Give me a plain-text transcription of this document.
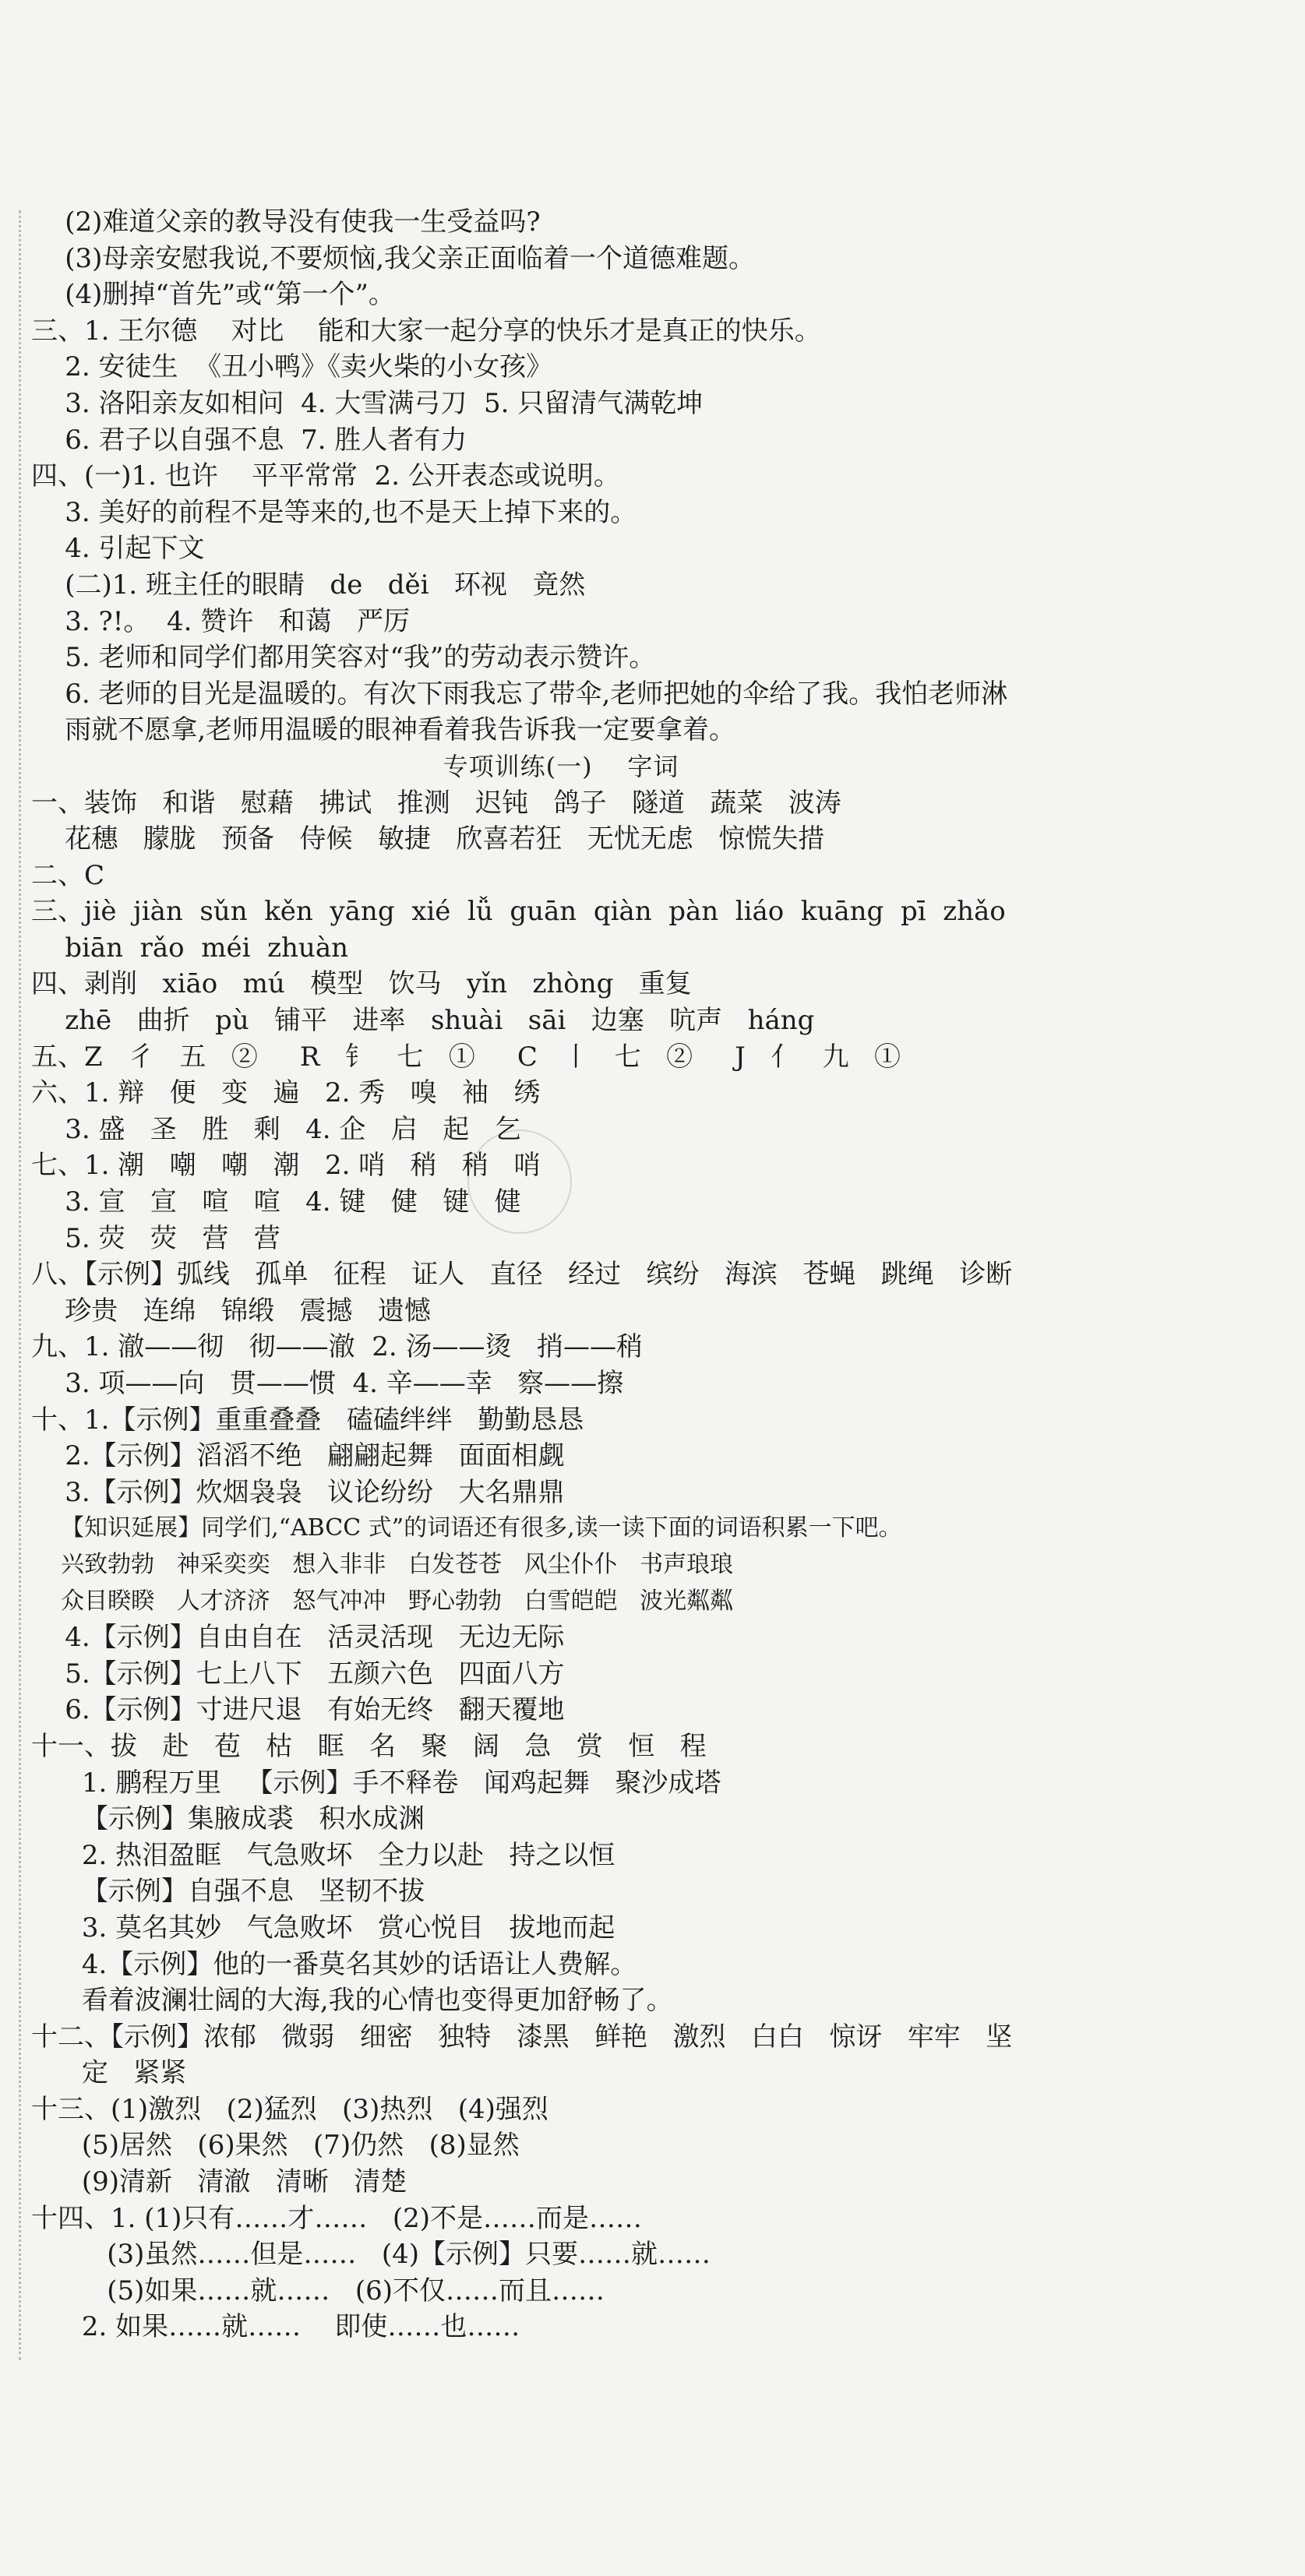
(2)难道父亲的教导没有使我一生受益吗?
(3)母亲安慰我说,不要烦恼,我父亲正面临着一个道德难题。
(4)删掉“首先”或“第一个”。
三、1. 王尔德    对比    能和大家一起分享的快乐才是真正的快乐。
2. 安徒生  《丑小鸭》《卖火柴的小女孩》
3. 洛阳亲友如相问  4. 大雪满弓刀  5. 只留清气满乾坤
6. 君子以自强不息  7. 胜人者有力
四、(一)1. 也许    平平常常  2. 公开表态或说明。
3. 美好的前程不是等来的,也不是天上掉下来的。
4. 引起下文
(二)1. 班主任的眼睛   de   děi   环视   竟然
3. ?!。  4. 赞许   和蔼   严厉
5. 老师和同学们都用笑容对“我”的劳动表示赞许。
6. 老师的目光是温暖的。有次下雨我忘了带伞,老师把她的伞给了我。我怕老师淋
雨就不愿拿,老师用温暖的眼神看着我告诉我一定要拿着。
专项训练(一)    字词
一、装饰   和谐   慰藉   拂试   推测   迟钝   鸽子   隧道   蔬菜   波涛
花穗   朦胧   预备   侍候   敏捷   欣喜若狂   无忧无虑   惊慌失措
二、C
三、jiè  jiàn  sǔn  kěn  yāng  xié  lǚ  guān  qiàn  pàn  liáo  kuāng  pī  zhǎo
biān  rǎo  méi  zhuàn
四、剥削   xiāo   mú   模型   饮马   yǐn   zhòng   重复
zhē   曲折   pù   铺平   进率   shuài   sāi   边塞   吭声   háng
五、Z   彳   五   ②     R   钅   七   ①     C   丨   七   ②     J   亻   九   ①
六、1. 辩   便   变   遍   2. 秀   嗅   袖   绣
3. 盛   圣   胜   剩   4. 企   启   起   乞
七、1. 潮   嘲   嘲   潮   2. 哨   稍   稍   哨
3. 宣   宣   喧   喧   4. 键   健   键   健
5. 荧   荧   营   营
八、【示例】弧线   孤单   征程   证人   直径   经过   缤纷   海滨   苍蝇   跳绳   诊断
珍贵   连绵   锦缎   震撼   遗憾
九、1. 澈——彻   彻——澈  2. 汤——烫   捎——稍
3. 项——向   贯——惯  4. 辛——幸   察——擦
十、1.【示例】重重叠叠   磕磕绊绊   勤勤恳恳
2.【示例】滔滔不绝   翩翩起舞   面面相觑
3.【示例】炊烟袅袅   议论纷纷   大名鼎鼎
【知识延展】同学们,“ABCC 式”的词语还有很多,读一读下面的词语积累一下吧。
兴致勃勃   神采奕奕   想入非非   白发苍苍   风尘仆仆   书声琅琅
众目睽睽   人才济济   怒气冲冲   野心勃勃   白雪皑皑   波光粼粼
4.【示例】自由自在   活灵活现   无边无际
5.【示例】七上八下   五颜六色   四面八方
6.【示例】寸进尺退   有始无终   翻天覆地
十一、拔   赴   苞   枯   眶   名   聚   阔   急   赏   恒   程
1. 鹏程万里   【示例】手不释卷   闻鸡起舞   聚沙成塔
【示例】集腋成裘   积水成渊
2. 热泪盈眶   气急败坏   全力以赴   持之以恒
【示例】自强不息   坚韧不拔
3. 莫名其妙   气急败坏   赏心悦目   拔地而起
4.【示例】他的一番莫名其妙的话语让人费解。
看着波澜壮阔的大海,我的心情也变得更加舒畅了。
十二、【示例】浓郁   微弱   细密   独特   漆黑   鲜艳   激烈   白白   惊讶   牢牢   坚
定   紧紧
十三、(1)激烈   (2)猛烈   (3)热烈   (4)强烈
(5)居然   (6)果然   (7)仍然   (8)显然
(9)清新   清澈   清晰   清楚
十四、1. (1)只有……才……   (2)不是……而是……
(3)虽然……但是……   (4)【示例】只要……就……
(5)如果……就……   (6)不仅……而且……
2. 如果……就……    即使……也……
